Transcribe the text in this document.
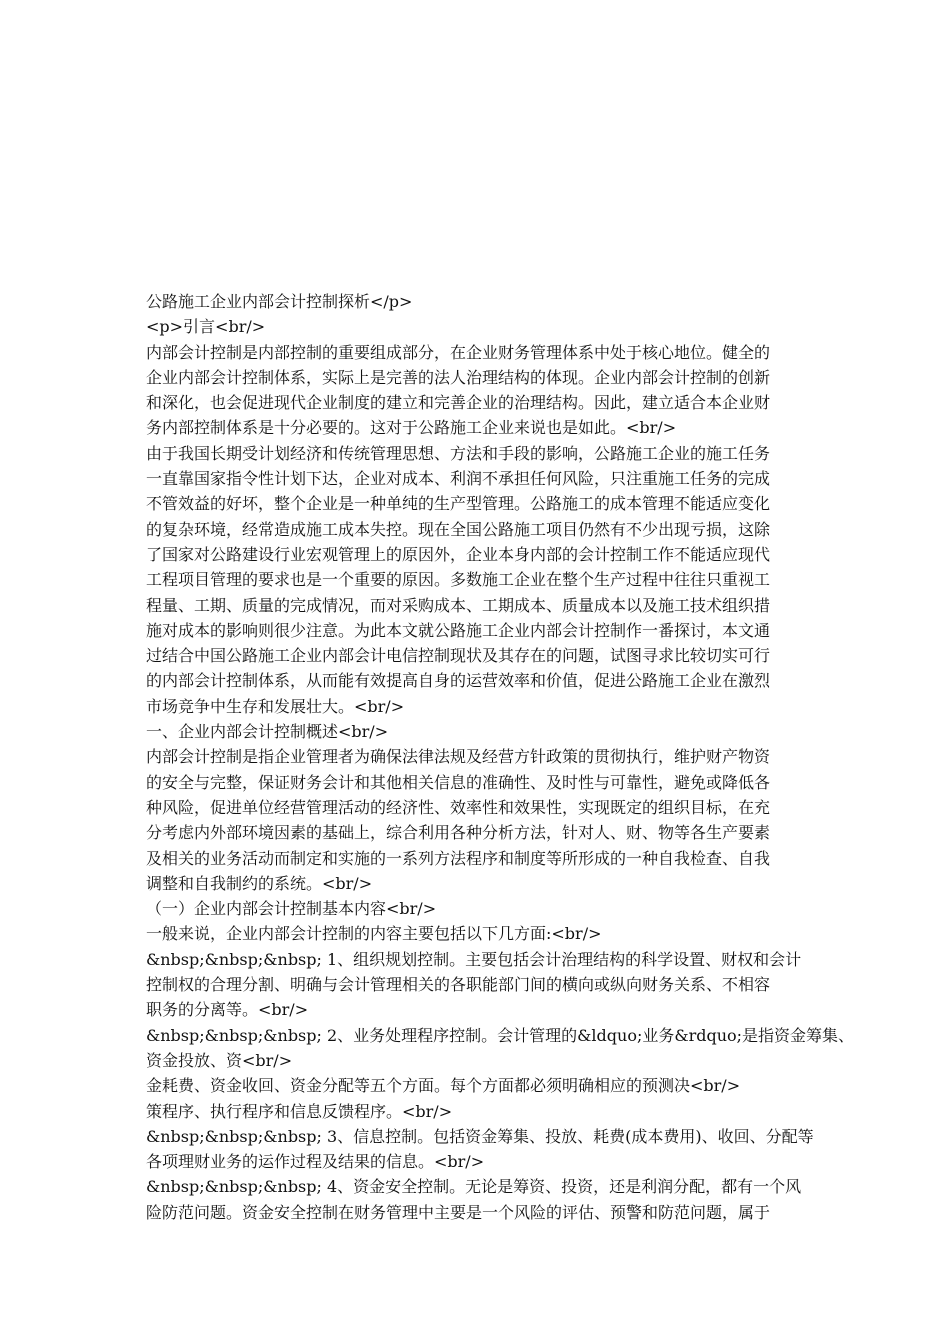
公路施工企业内部会计控制探析</p>
<p>引言<br/>
内部会计控制是内部控制的重要组成部分，在企业财务管理体系中处于核心地位。健全的
企业内部会计控制体系，实际上是完善的法人治理结构的体现。企业内部会计控制的创新
和深化，也会促进现代企业制度的建立和完善企业的治理结构。因此，建立适合本企业财
务内部控制体系是十分必要的。这对于公路施工企业来说也是如此。<br/>
由于我国长期受计划经济和传统管理思想、方法和手段的影响，公路施工企业的施工任务
一直靠国家指令性计划下达，企业对成本、利润不承担任何风险，只注重施工任务的完成
不管效益的好坏，整个企业是一种单纯的生产型管理。公路施工的成本管理不能适应变化
的复杂环境，经常造成施工成本失控。现在全国公路施工项目仍然有不少出现亏损，这除
了国家对公路建设行业宏观管理上的原因外，企业本身内部的会计控制工作不能适应现代
工程项目管理的要求也是一个重要的原因。多数施工企业在整个生产过程中往往只重视工
程量、工期、质量的完成情况，而对采购成本、工期成本、质量成本以及施工技术组织措
施对成本的影响则很少注意。为此本文就公路施工企业内部会计控制作一番探讨，本文通
过结合中国公路施工企业内部会计电信控制现状及其存在的问题，试图寻求比较切实可行
的内部会计控制体系，从而能有效提高自身的运营效率和价值，促进公路施工企业在激烈
市场竞争中生存和发展壮大。<br/>
一、企业内部会计控制概述<br/>
内部会计控制是指企业管理者为确保法律法规及经营方针政策的贯彻执行，维护财产物资
的安全与完整，保证财务会计和其他相关信息的准确性、及时性与可靠性，避免或降低各
种风险，促进单位经营管理活动的经济性、效率性和效果性，实现既定的组织目标，在充
分考虑内外部环境因素的基础上，综合利用各种分析方法，针对人、财、物等各生产要素
及相关的业务活动而制定和实施的一系列方法程序和制度等所形成的一种自我检查、自我
调整和自我制约的系统。<br/>
（一）企业内部会计控制基本内容<br/>
一般来说，企业内部会计控制的内容主要包括以下几方面:<br/>
&nbsp;&nbsp;&nbsp; 1、组织规划控制。主要包括会计治理结构的科学设置、财权和会计
控制权的合理分割、明确与会计管理相关的各职能部门间的横向或纵向财务关系、不相容
职务的分离等。<br/>
&nbsp;&nbsp;&nbsp; 2、业务处理程序控制。会计管理的&ldquo;业务&rdquo;是指资金筹集、
资金投放、资<br/>
金耗费、资金收回、资金分配等五个方面。每个方面都必须明确相应的预测决<br/>
策程序、执行程序和信息反馈程序。<br/>
&nbsp;&nbsp;&nbsp; 3、信息控制。包括资金筹集、投放、耗费(成本费用)、收回、分配等
各项理财业务的运作过程及结果的信息。<br/>
&nbsp;&nbsp;&nbsp; 4、资金安全控制。无论是筹资、投资，还是利润分配，都有一个风
险防范问题。资金安全控制在财务管理中主要是一个风险的评估、预警和防范问题，属于
